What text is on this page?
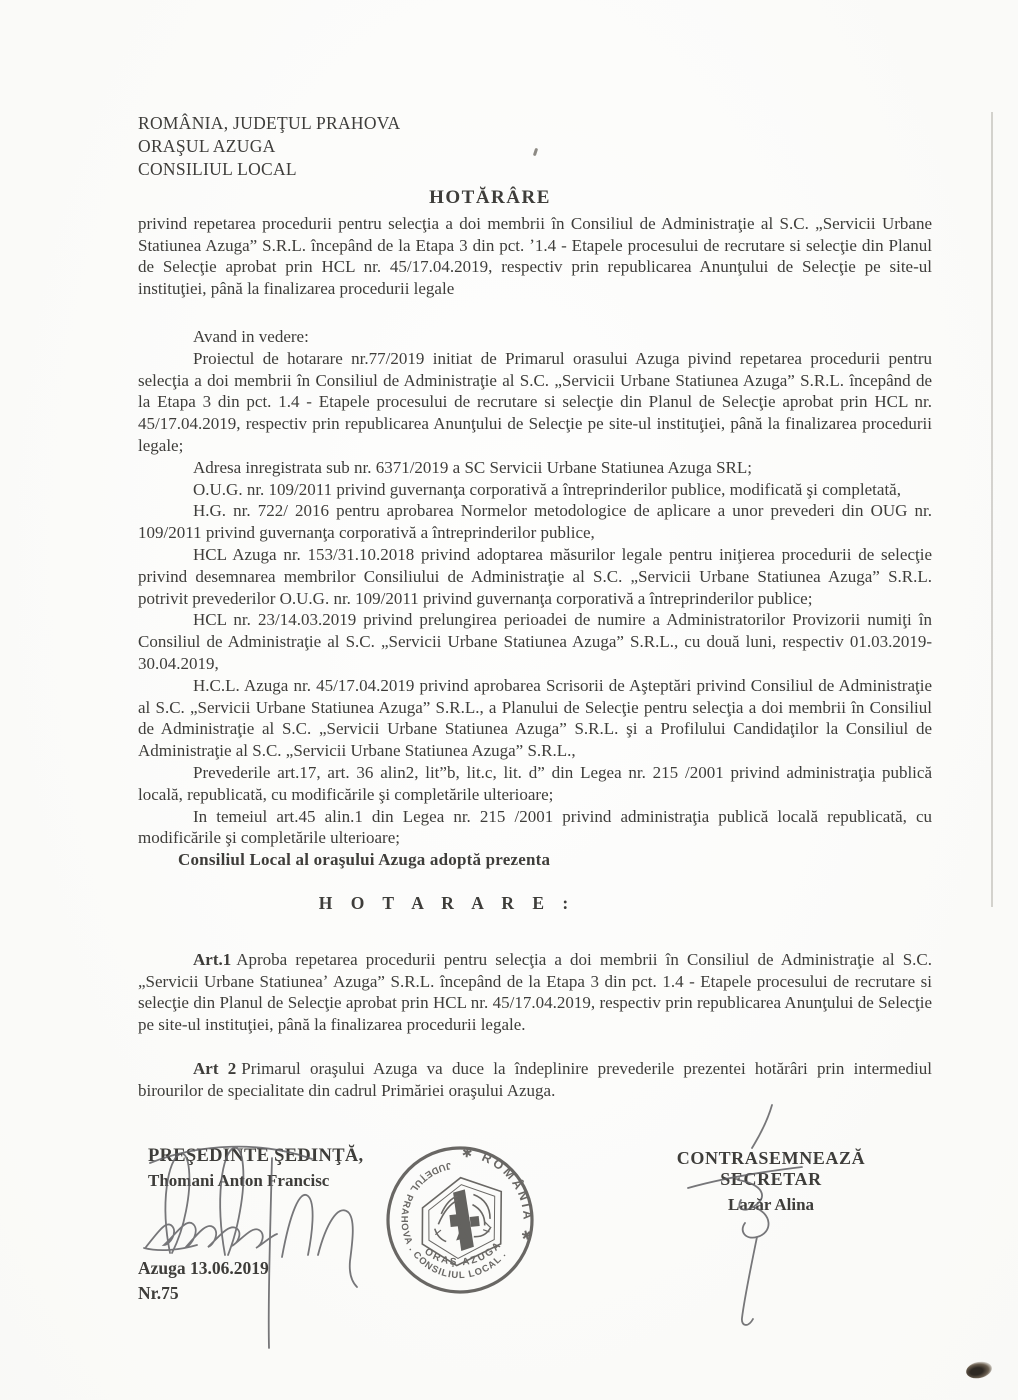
ROMÂNIA, JUDEŢUL PRAHOVA
ORAŞUL AZUGA
CONSILIUL LOCAL
HOTĂRÂRE

privind repetarea procedurii pentru selecţia a doi membrii în Consiliul de Administraţie al S.C. „Servicii Urbane Statiunea Azuga” S.R.L. începând de la Etapa 3 din pct. ʼ1.4 - Etapele procesului de recrutare si selecţie din Planul de Selecţie aprobat prin HCL nr. 45/17.04.2019, respectiv prin republicarea Anunţului de Selecţie pe site-ul instituţiei, până la finalizarea procedurii legale

Avand in vedere:

Proiectul de hotarare nr.77/2019 initiat de Primarul orasului Azuga pivind repetarea procedurii pentru selecţia a doi membrii în Consiliul de Administraţie al S.C. „Servicii Urbane Statiunea Azuga” S.R.L. începând de la Etapa 3 din pct. 1.4 - Etapele procesului de recrutare si selecţie din Planul de Selecţie aprobat prin HCL nr. 45/17.04.2019, respectiv prin republicarea Anunţului de Selecţie pe site-ul instituţiei, până la finalizarea procedurii legale;

Adresa inregistrata sub nr. 6371/2019 a SC Servicii Urbane Statiunea Azuga SRL;

O.U.G. nr. 109/2011 privind guvernanţa corporativă a întreprinderilor publice, modificată şi completată,

H.G. nr. 722/ 2016 pentru aprobarea Normelor metodologice de aplicare a unor prevederi din OUG nr. 109/2011 privind guvernanţa corporativă a întreprinderilor publice,

HCL Azuga nr. 153/31.10.2018 privind adoptarea măsurilor legale pentru iniţierea procedurii de selecţie privind desemnarea membrilor Consiliului de Administraţie al S.C. „Servicii Urbane Statiunea Azuga” S.R.L. potrivit prevederilor O.U.G. nr. 109/2011 privind guvernanţa corporativă a întreprinderilor publice;

HCL nr. 23/14.03.2019 privind prelungirea perioadei de numire a Administratorilor Provizorii numiţi în Consiliul de Administraţie al S.C. „Servicii Urbane Statiunea Azuga” S.R.L., cu două luni, respectiv 01.03.2019-30.04.2019,

H.C.L. Azuga nr. 45/17.04.2019 privind aprobarea Scrisorii de Aşteptări privind Consiliul de Administraţie al S.C. „Servicii Urbane Statiunea Azuga” S.R.L., a Planului de Selecţie pentru selecţia a doi membrii în Consiliul de Administraţie al S.C. „Servicii Urbane Statiunea Azuga” S.R.L. şi a Profilului Candidaţilor la Consiliul de Administraţie al S.C. „Servicii Urbane Statiunea Azuga” S.R.L.,

Prevederile art.17, art. 36 alin2, lit”b, lit.c, lit. d” din Legea nr. 215 /2001 privind administraţia publică locală, republicată, cu modificările şi completările ulterioare;

In temeiul art.45 alin.1 din Legea nr. 215 /2001 privind administraţia publică locală republicată, cu modificările şi completările ulterioare;

Consiliul Local al oraşului Azuga adoptă prezenta

H O T A R A R E :

Art.1 Aproba repetarea procedurii pentru selecţia a doi membrii în Consiliul de Administraţie al S.C. „Servicii Urbane Statiuneaʼ Azuga” S.R.L. începând de la Etapa 3 din pct. 1.4 - Etapele procesului de recrutare si selecţie din Planul de Selecţie aprobat prin HCL nr. 45/17.04.2019, respectiv prin republicarea Anunţului de Selecţie pe site-ul instituţiei, până la finalizarea procedurii legale.

Art 2 Primarul oraşului Azuga va duce la îndeplinire prevederile prezentei hotărâri prin intermediul birourilor de specialitate din cadrul Primăriei oraşului Azuga.

PREŞEDINTE ŞEDINŢĂ,
Thomani Anton Francisc
CONTRASEMNEAZĂ SECRETAR
Lazăr Alina
Azuga 13.06.2019
Nr.75
✱ ROMÂNIA ✱
JUDEŢUL PRAHOVA . CONSILIUL LOCAL .
ORAŞ AZUGA
